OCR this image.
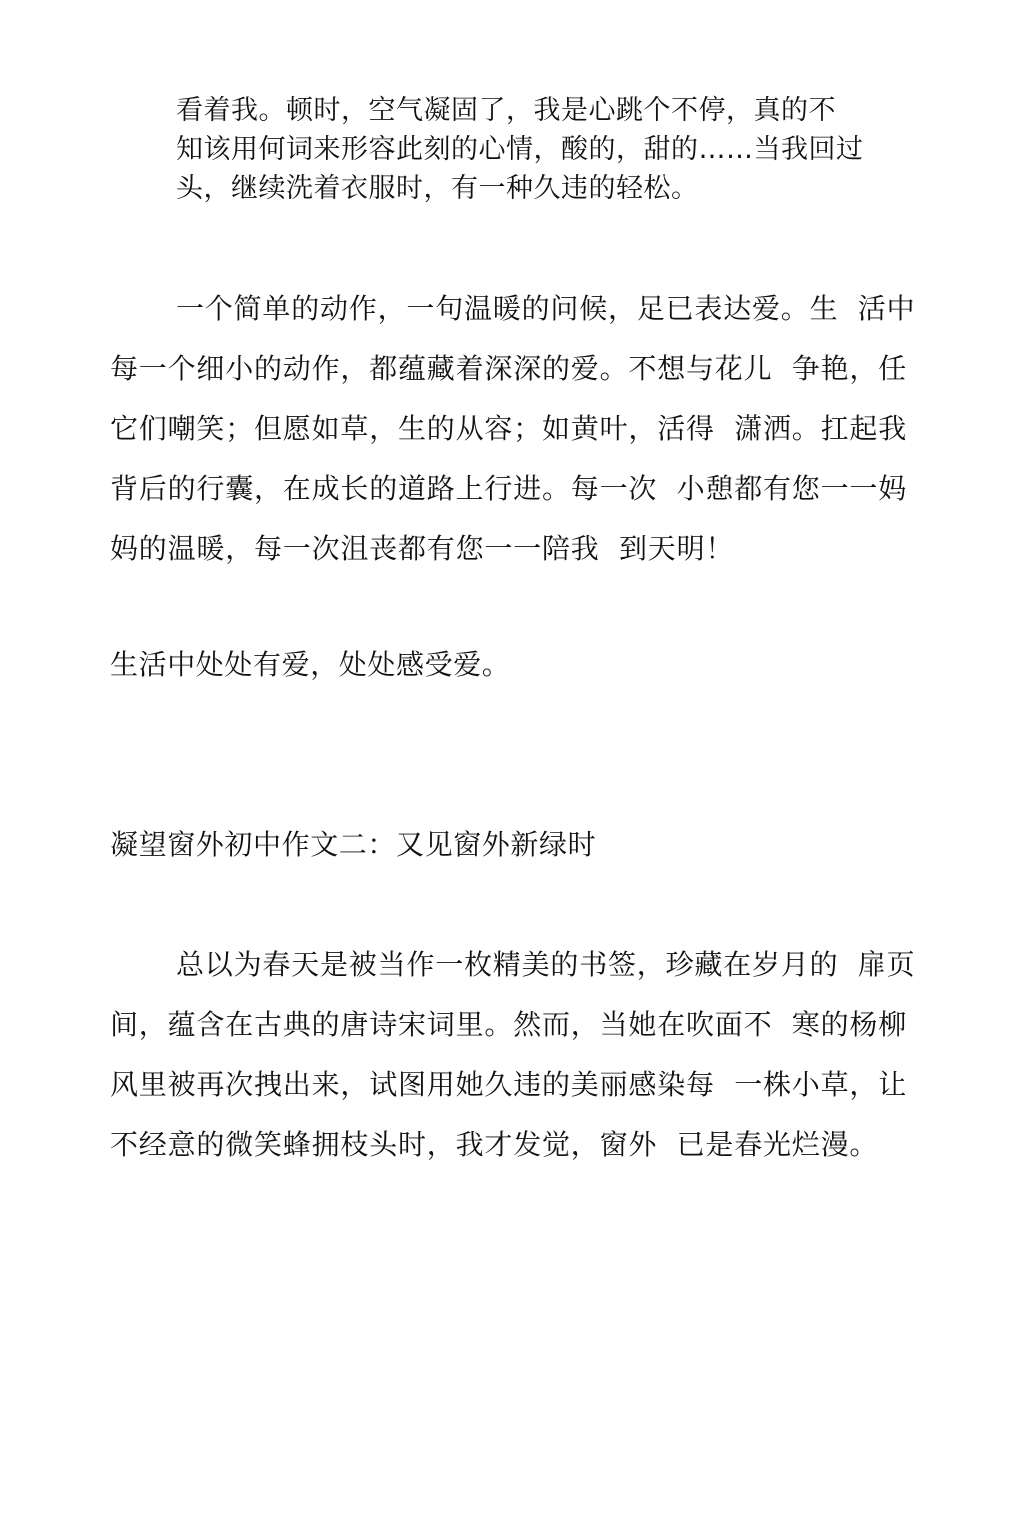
看着我。顿时，空气凝固了，我是心跳个不停，真的不
知该用何词来形容此刻的心情，酸的，甜的……当我回过
头，继续洗着衣服时，有一种久违的轻松。
一个简单的动作，一句温暖的问候，足已表达爱。生  活中
每一个细小的动作，都蕴藏着深深的爱。不想与花儿  争艳，任
它们嘲笑；但愿如草，生的从容；如黄叶，活得  潇洒。扛起我
背后的行囊，在成长的道路上行进。每一次  小憩都有您一一妈
妈的温暖，每一次沮丧都有您一一陪我  到天明！
生活中处处有爱，处处感受爱。
凝望窗外初中作文二：又见窗外新绿时
总以为春天是被当作一枚精美的书签，珍藏在岁月的  扉页
间，蕴含在古典的唐诗宋词里。然而，当她在吹面不  寒的杨柳
风里被再次拽出来，试图用她久违的美丽感染每  一株小草，让
不经意的微笑蜂拥枝头时，我才发觉，窗外  已是春光烂漫。
